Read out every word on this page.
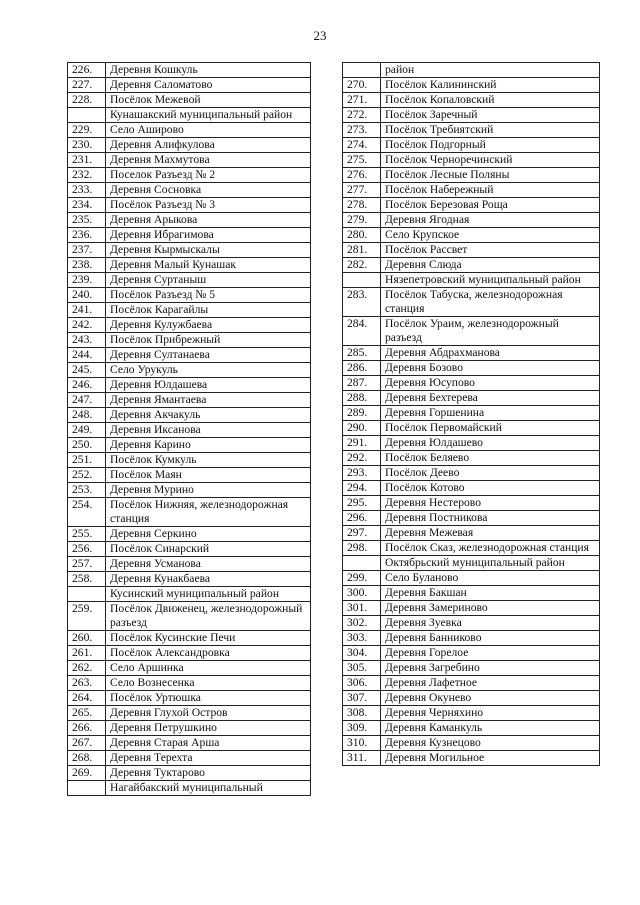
23
226.	Деревня Кошкуль
227.	Деревня Саломатово
228.	Посёлок Межевой
	Кунашакский муниципальный район
229.	Село Аширово
230.	Деревня Алифкулова
231.	Деревня Махмутова
232.	Поселок Разъезд № 2
233.	Деревня Сосновка
234.	Посёлок Разъезд № 3
235.	Деревня Арыкова
236.	Деревня Ибрагимова
237.	Деревня Кырмыскалы
238.	Деревня Малый Кунашак
239.	Деревня Суртаныш
240.	Посёлок Разъезд № 5
241.	Посёлок Карагайлы
242.	Деревня Кулужбаева
243.	Посёлок Прибрежный
244.	Деревня Султанаева
245.	Село Урукуль
246.	Деревня Юлдашева
247.	Деревня Ямантаева
248.	Деревня Акчакуль
249.	Деревня Иксанова
250.	Деревня Карино
251.	Посёлок Кумкуль
252.	Посёлок Маян
253.	Деревня Мурино
254.	Посёлок Нижняя, железнодорожная станция
255.	Деревня Серкино
256.	Посёлок Синарский
257.	Деревня Усманова
258.	Деревня Кунакбаева
	Кусинский муниципальный район
259.	Посёлок Движенец, железнодорожный разъезд
260.	Посёлок Кусинские Печи
261.	Посёлок Александровка
262.	Село Аршинка
263.	Село Вознесенка
264.	Посёлок Уртюшка
265.	Деревня Глухой Остров
266.	Деревня Петрушкино
267.	Деревня Старая Арша
268.	Деревня Терехта
269.	Деревня Туктарово
	Нагайбакский муниципальный
	район
270.	Посёлок Калининский
271.	Посёлок Копаловский
272.	Посёлок Заречный
273.	Посёлок Требиятский
274.	Посёлок Подгорный
275.	Посёлок Черноречинский
276.	Посёлок Лесные Поляны
277.	Посёлок Набережный
278.	Посёлок Березовая Роща
279.	Деревня Ягодная
280.	Село Крупское
281.	Посёлок Рассвет
282.	Деревня Слюда
	Нязепетровский муниципальный район
283.	Посёлок Табуска, железнодорожная станция
284.	Посёлок Ураим, железнодорожный разъезд
285.	Деревня Абдрахманова
286.	Деревня Бозово
287.	Деревня Юсупово
288.	Деревня Бехтерева
289.	Деревня Горшенина
290.	Посёлок Первомайский
291.	Деревня Юлдашево
292.	Посёлок Беляево
293.	Посёлок Деево
294.	Посёлок Котово
295.	Деревня Нестерово
296.	Деревня Постникова
297.	Деревня Межевая
298.	Посёлок Сказ, железнодорожная станция
	Октябрьский муниципальный район
299.	Село Буланово
300.	Деревня Бакшан
301.	Деревня Замериново
302.	Деревня Зуевка
303.	Деревня Банниково
304.	Деревня Горелое
305.	Деревня Загребино
306.	Деревня Лафетное
307.	Деревня Окунево
308.	Деревня Черняхино
309.	Деревня Каманкуль
310.	Деревня Кузнецово
311.	Деревня Могильное
